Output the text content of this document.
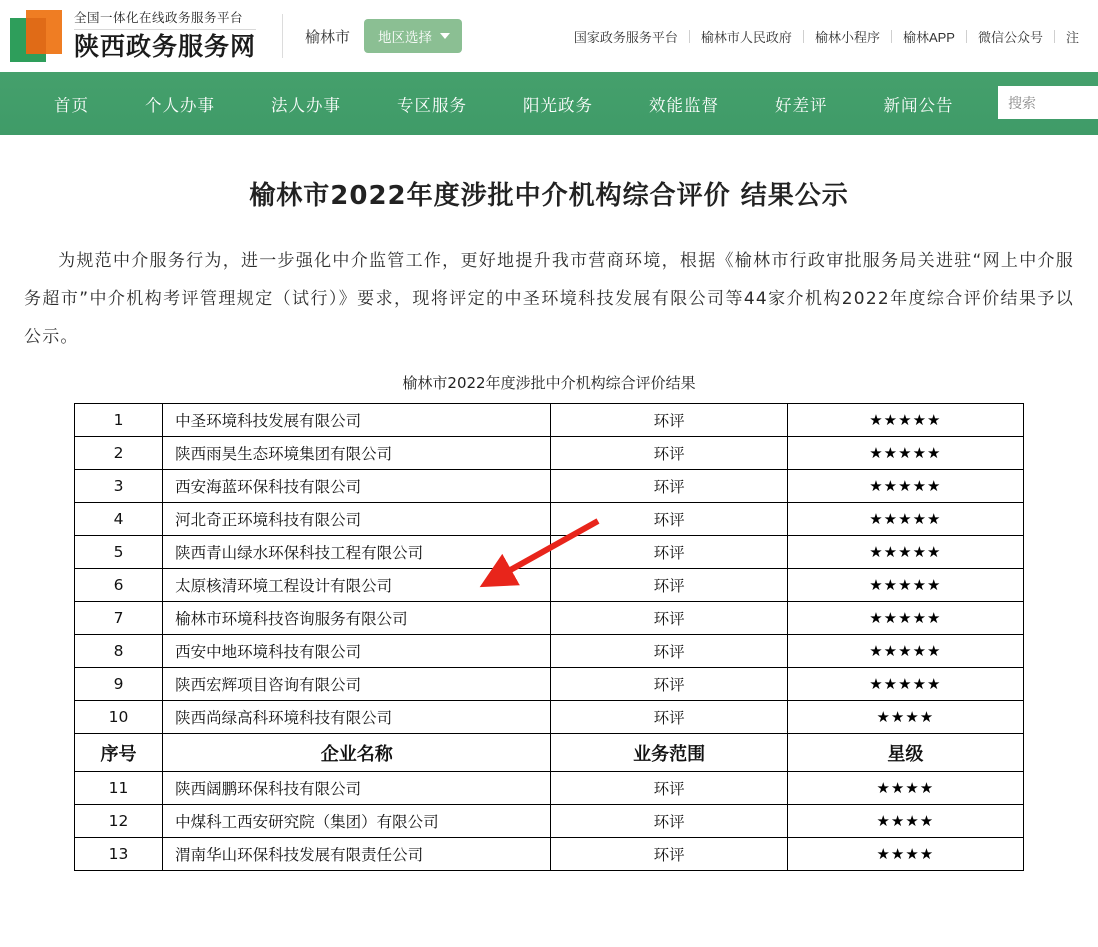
全国一体化在线政务服务平台
陕西政务服务网	榆林市 地区选择	国家政务服务平台	榆林市人民政府	榆林小程序	榆林APP	微信公众号	注
首页	个人办事	法人办事	专区服务	阳光政务	效能监督	好差评	新闻公告	搜索
榆林市2022年度涉批中介机构综合评价 结果公示

为规范中介服务行为，进一步强化中介监管工作，更好地提升我市营商环境，根据《榆林市行政审批服务局关进驻“网上中介服务超市”中介机构考评管理规定（试行）》要求，现将评定的中圣环境科技发展有限公司等44家介机构2022年度综合评价结果予以公示。

榆林市2022年度涉批中介机构综合评价结果
1	中圣环境科技发展有限公司	环评	★★★★★
2	陕西雨昊生态环境集团有限公司	环评	★★★★★
3	西安海蓝环保科技有限公司	环评	★★★★★
4	河北奇正环境科技有限公司	环评	★★★★★
5	陕西青山绿水环保科技工程有限公司	环评	★★★★★
6	太原核清环境工程设计有限公司	环评	★★★★★
7	榆林市环境科技咨询服务有限公司	环评	★★★★★
8	西安中地环境科技有限公司	环评	★★★★★
9	陕西宏辉项目咨询有限公司	环评	★★★★★
10	陕西尚绿高科环境科技有限公司	环评	★★★★
序号	企业名称	业务范围	星级
11	陕西阔鹏环保科技有限公司	环评	★★★★
12	中煤科工西安研究院（集团）有限公司	环评	★★★★
13	渭南华山环保科技发展有限责任公司	环评	★★★★
